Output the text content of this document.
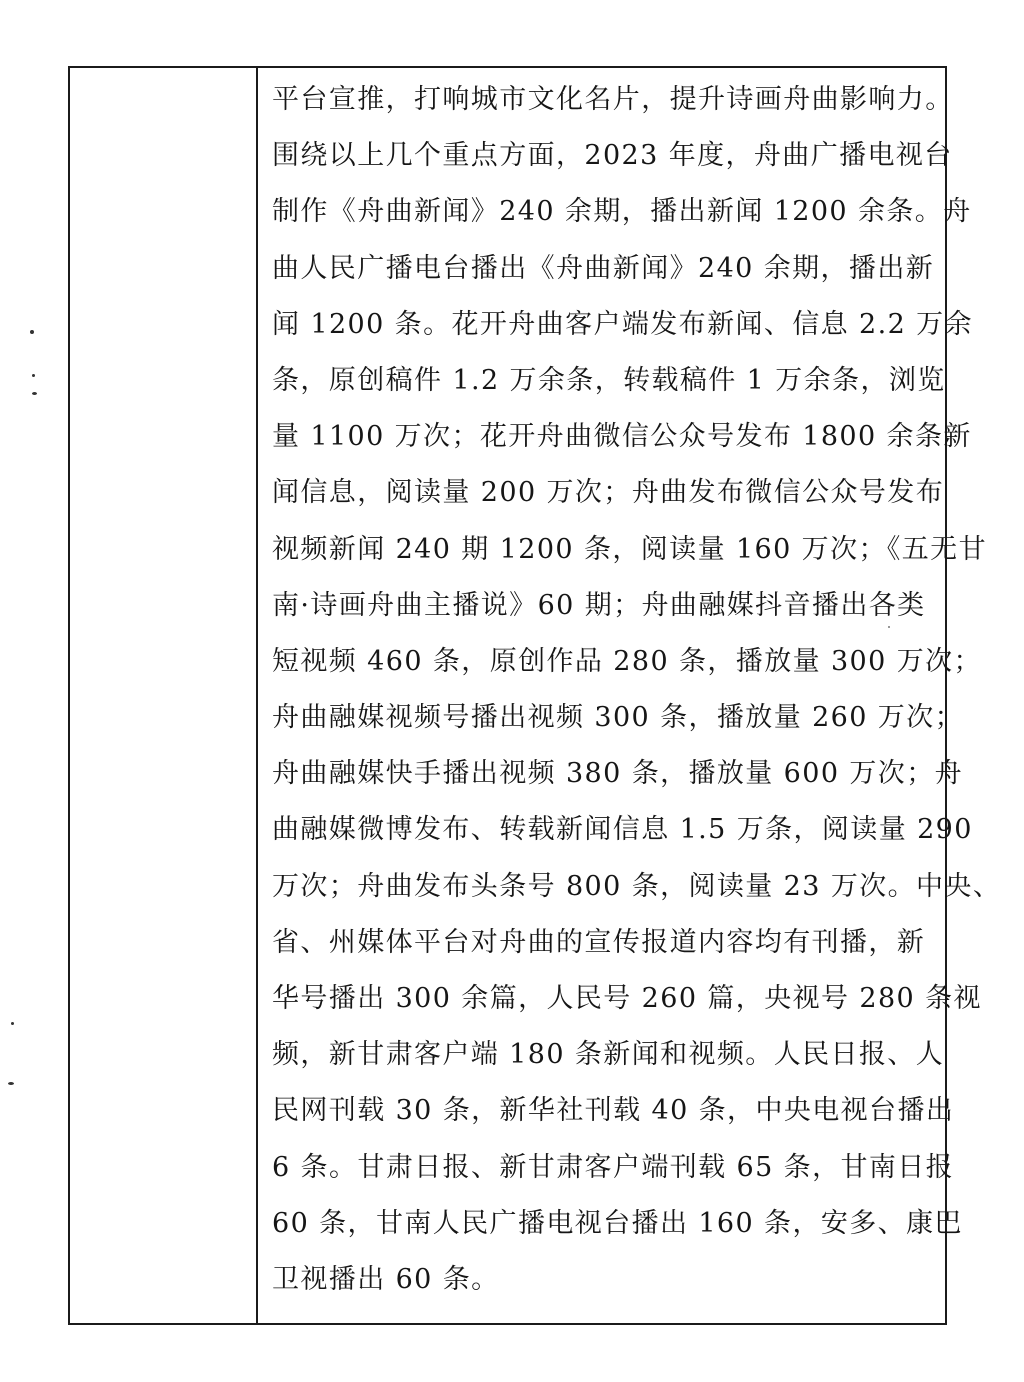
平台宣推，打响城市文化名片，提升诗画舟曲影响力。
围绕以上几个重点方面，2023 年度，舟曲广播电视台
制作《舟曲新闻》240 余期，播出新闻 1200 余条。舟
曲人民广播电台播出《舟曲新闻》240 余期，播出新
闻 1200 条。花开舟曲客户端发布新闻、信息 2.2 万余
条，原创稿件 1.2 万余条，转载稿件 1 万余条，浏览
量 1100 万次；花开舟曲微信公众号发布 1800 余条新
闻信息，阅读量 200 万次；舟曲发布微信公众号发布
视频新闻 240 期 1200 条，阅读量 160 万次；《五无甘
南·诗画舟曲主播说》60 期；舟曲融媒抖音播出各类
短视频 460 条，原创作品 280 条，播放量 300 万次；
舟曲融媒视频号播出视频 300 条，播放量 260 万次；
舟曲融媒快手播出视频 380 条，播放量 600 万次；舟
曲融媒微博发布、转载新闻信息 1.5 万条，阅读量 290
万次；舟曲发布头条号 800 条，阅读量 23 万次。中央、
省、州媒体平台对舟曲的宣传报道内容均有刊播，新
华号播出 300 余篇，人民号 260 篇，央视号 280 条视
频，新甘肃客户端 180 条新闻和视频。人民日报、人
民网刊载 30 条，新华社刊载 40 条，中央电视台播出
6 条。甘肃日报、新甘肃客户端刊载 65 条，甘南日报
60 条，甘南人民广播电视台播出 160 条，安多、康巴
卫视播出 60 条。
